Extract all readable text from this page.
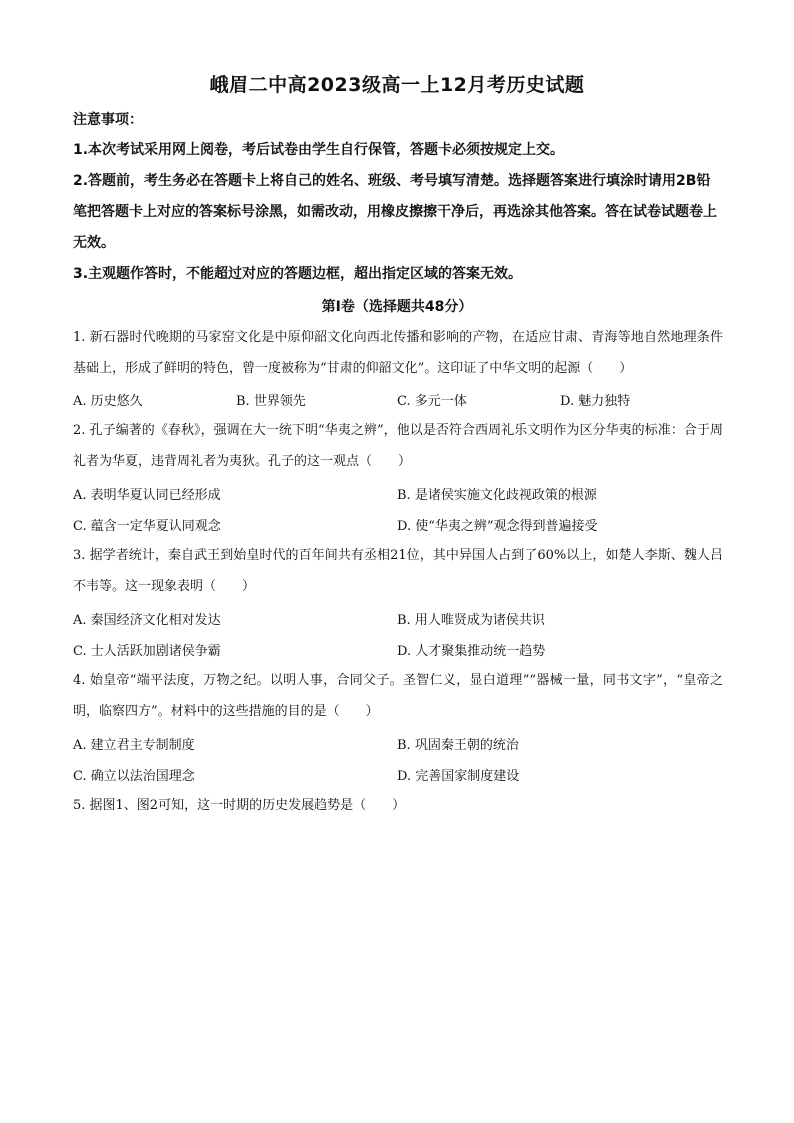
峨眉二中高2023级高一上12月考历史试题
注意事项：

1.本次考试采用网上阅卷，考后试卷由学生自行保管，答题卡必须按规定上交。

2.答题前，考生务必在答题卡上将自己的姓名、班级、考号填写清楚。选择题答案进行填涂时请用2B铅笔把答题卡上对应的答案标号涂黑，如需改动，用橡皮擦擦干净后，再选涂其他答案。答在试卷试题卷上无效。

3.主观题作答时，不能超过对应的答题边框，超出指定区域的答案无效。

第Ⅰ卷（选择题共48分）

1. 新石器时代晚期的马家窑文化是中原仰韶文化向西北传播和影响的产物，在适应甘肃、青海等地自然地理条件基础上，形成了鲜明的特色，曾一度被称为“甘肃的仰韶文化”。这印证了中华文明的起源（　　）

A. 历史悠久	B. 世界领先	C. 多元一体	D. 魅力独特

2. 孔子编著的《春秋》，强调在大一统下明“华夷之辨”，他以是否符合西周礼乐文明作为区分华夷的标准：合于周礼者为华夏，违背周礼者为夷狄。孔子的这一观点（　　）

A. 表明华夏认同已经形成	B. 是诸侯实施文化歧视政策的根源
C. 蕴含一定华夏认同观念	D. 使“华夷之辨”观念得到普遍接受

3. 据学者统计，秦自武王到始皇时代的百年间共有丞相21位，其中异国人占到了60%以上，如楚人李斯、魏人吕不韦等。这一现象表明（　　）

A. 秦国经济文化相对发达	B. 用人唯贤成为诸侯共识
C. 士人活跃加剧诸侯争霸	D. 人才聚集推动统一趋势

4. 始皇帝“端平法度，万物之纪。以明人事，合同父子。圣智仁义，显白道理”“器械一量，同书文字”，“皇帝之明，临察四方”。材料中的这些措施的目的是（　　）

A. 建立君主专制制度	B. 巩固秦王朝的统治
C. 确立以法治国理念	D. 完善国家制度建设

5. 据图1、图2可知，这一时期的历史发展趋势是（　　）
